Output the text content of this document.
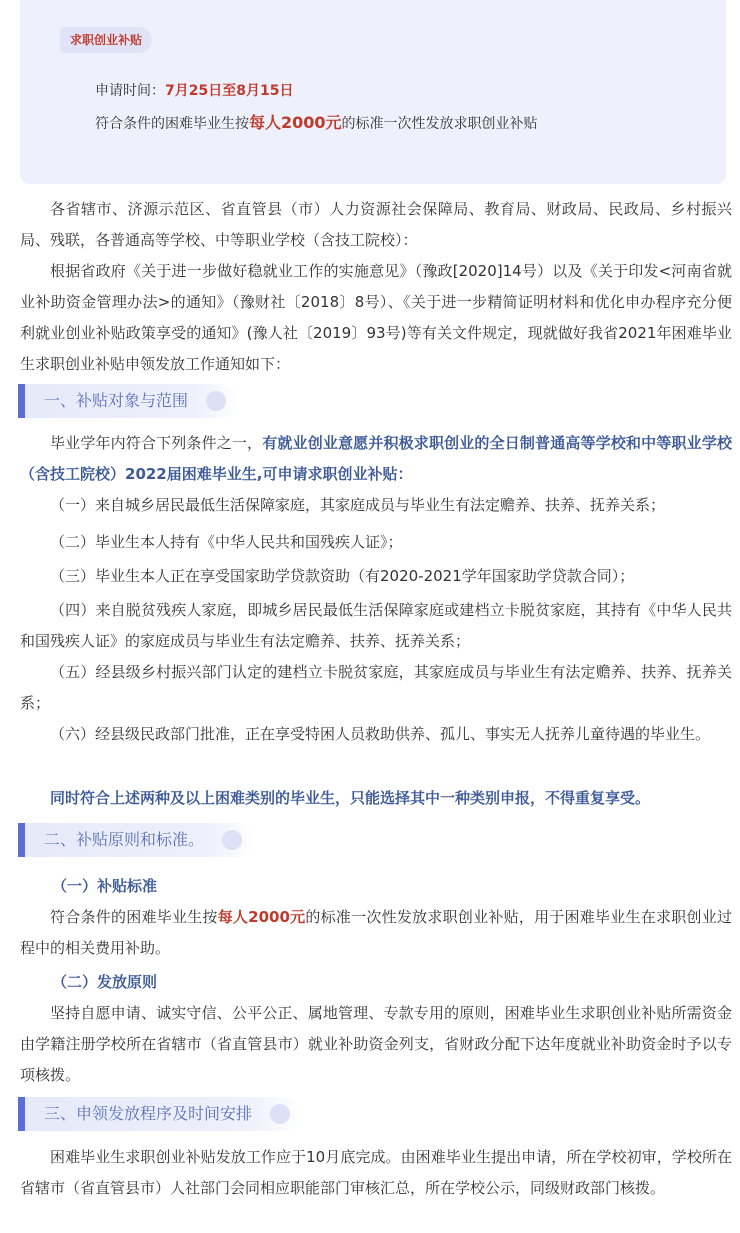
求职创业补贴
申请时间：7月25日至8月15日
符合条件的困难毕业生按每人2000元的标准一次性发放求职创业补贴

各省辖市、济源示范区、省直管县（市）人力资源社会保障局、教育局、财政局、民政局、乡村振兴局、残联，各普通高等学校、中等职业学校（含技工院校）：

根据省政府《关于进一步做好稳就业工作的实施意见》（豫政[2020]14号）以及《关于印发<河南省就业补助资金管理办法>的通知》（豫财社〔2018〕8号）、《关于进一步精简证明材料和优化申办程序充分便利就业创业补贴政策享受的通知》(豫人社〔2019〕93号)等有关文件规定，现就做好我省2021年困难毕业生求职创业补贴申领发放工作通知如下：

一、补贴对象与范围

毕业学年内符合下列条件之一，有就业创业意愿并积极求职创业的全日制普通高等学校和中等职业学校（含技工院校）2022届困难毕业生,可申请求职创业补贴：

（一）来自城乡居民最低生活保障家庭，其家庭成员与毕业生有法定赡养、扶养、抚养关系；

（二）毕业生本人持有《中华人民共和国残疾人证》；

（三）毕业生本人正在享受国家助学贷款资助（有2020-2021学年国家助学贷款合同）；

（四）来自脱贫残疾人家庭，即城乡居民最低生活保障家庭或建档立卡脱贫家庭，其持有《中华人民共和国残疾人证》的家庭成员与毕业生有法定赡养、扶养、抚养关系；

（五）经县级乡村振兴部门认定的建档立卡脱贫家庭，其家庭成员与毕业生有法定赡养、扶养、抚养关系；

（六）经县级民政部门批准，正在享受特困人员救助供养、孤儿、事实无人抚养儿童待遇的毕业生。

同时符合上述两种及以上困难类别的毕业生，只能选择其中一种类别申报，不得重复享受。

二、补贴原则和标准。
（一）补贴标准

符合条件的困难毕业生按每人2000元的标准一次性发放求职创业补贴，用于困难毕业生在求职创业过程中的相关费用补助。

（二）发放原则

坚持自愿申请、诚实守信、公平公正、属地管理、专款专用的原则，困难毕业生求职创业补贴所需资金由学籍注册学校所在省辖市（省直管县市）就业补助资金列支，省财政分配下达年度就业补助资金时予以专项核拨。

三、申领发放程序及时间安排

困难毕业生求职创业补贴发放工作应于10月底完成。由困难毕业生提出申请，所在学校初审，学校所在省辖市（省直管县市）人社部门会同相应职能部门审核汇总，所在学校公示，同级财政部门核拨。
